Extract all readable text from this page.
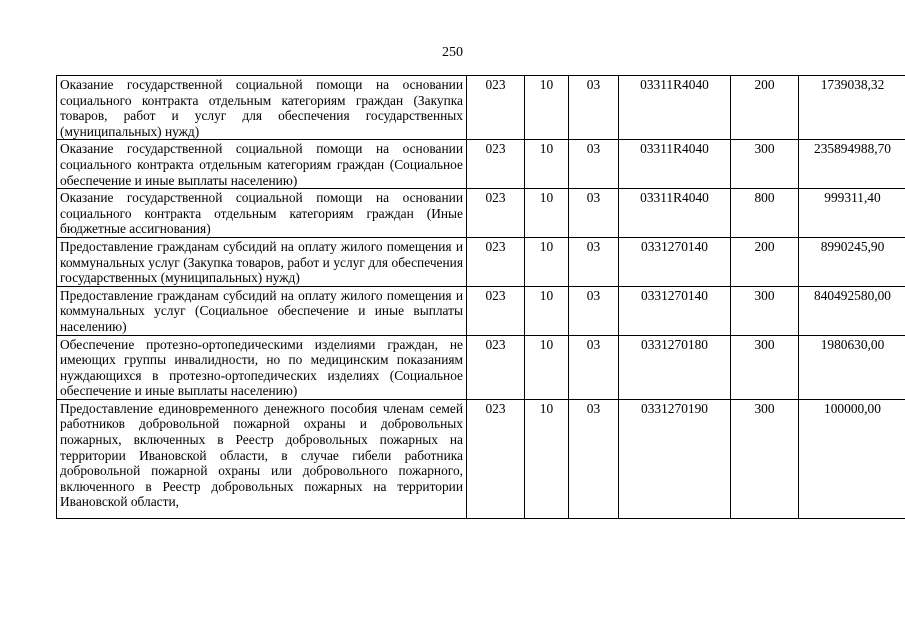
250
Оказание государственной социальной помощи на основании социального контракта отдельным категориям граждан (Закупка товаров, работ и услуг для обеспечения государственных (муниципальных) нужд)	023	10	03	03311R4040	200	1739038,32
Оказание государственной социальной помощи на основании социального контракта отдельным категориям граждан (Социальное обеспечение и иные выплаты населению)	023	10	03	03311R4040	300	235894988,70
Оказание государственной социальной помощи на основании социального контракта отдельным категориям граждан (Иные бюджетные ассигнования)	023	10	03	03311R4040	800	999311,40
Предоставление гражданам субсидий на оплату жилого помещения и коммунальных услуг (Закупка товаров, работ и услуг для обеспечения государственных (муниципальных) нужд)	023	10	03	0331270140	200	8990245,90
Предоставление гражданам субсидий на оплату жилого помещения и коммунальных услуг (Социальное обеспечение и иные выплаты населению)	023	10	03	0331270140	300	840492580,00
Обеспечение протезно-ортопедическими изделиями граждан, не имеющих группы инвалидности, но по медицинским показаниям нуждающихся в протезно-ортопедических изделиях (Социальное обеспечение и иные выплаты населению)	023	10	03	0331270180	300	1980630,00

Предоставление единовременного денежного пособия членам семей работников добровольной пожарной охраны и добровольных пожарных, включенных в Реестр добровольных пожарных на территории Ивановской области, в случае гибели работника добровольной пожарной охраны или добровольного пожарного, включенного в Реестр добровольных пожарных на территории Ивановской области,	023	10	03	0331270190	300	100000,00
